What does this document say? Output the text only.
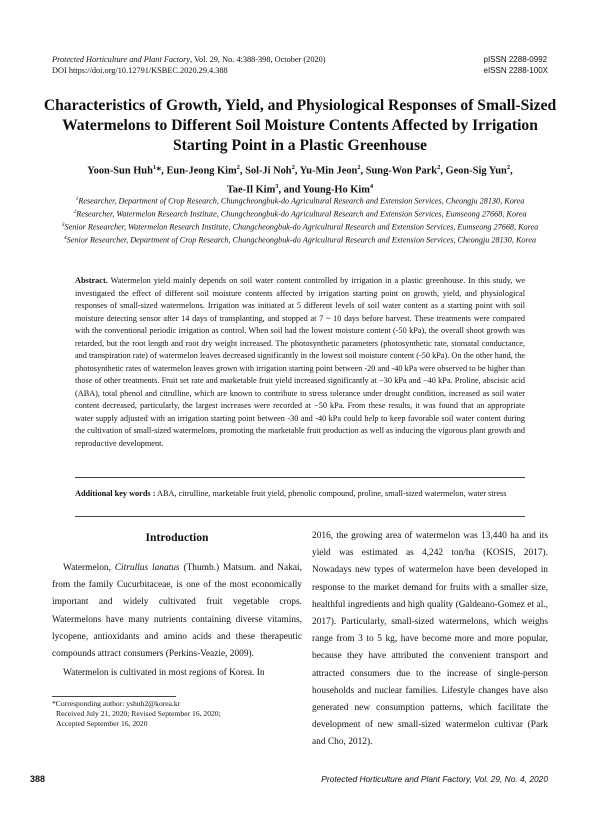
Protected Horticulture and Plant Factory, Vol. 29, No. 4:388-398, October (2020)
DOI https://doi.org/10.12791/KSBEC.2020.29.4.388
pISSN 2288-0992
eISSN 2288-100X
Characteristics of Growth, Yield, and Physiological Responses of Small-Sized Watermelons to Different Soil Moisture Contents Affected by Irrigation Starting Point in a Plastic Greenhouse
Yoon-Sun Huh$^1$*, Eun-Jeong Kim$^2$, Sol-Ji Noh$^2$, Yu-Min Jeon$^2$, Sung-Won Park$^2$, Geon-Sig Yun$^2$,
Tae-Il Kim$^3$, and Young-Ho Kim$^4$

$^1$Researcher, Department of Crop Research, Chungcheongbuk-do Agricultural Research and Extension Services, Cheongju 28130, Korea

$^2$Researcher, Watermelon Research Institute, Chungcheongbuk-do Agricultural Research and Extension Services, Eumseong 27668, Korea

$^3$Senior Researcher, Watermelon Research Institute, Chungcheongbuk-do Agricultural Research and Extension Services, Eumseong 27668, Korea

$^4$Senior Researcher, Department of Crop Research, Chungcheongbuk-do Agricultural Research and Extension Services, Cheongju 28130, Korea

Abstract. Watermelon yield mainly depends on soil water content controlled by irrigation in a plastic greenhouse. In this study, we investigated the effect of different soil moisture contents affected by irrigation starting point on growth, yield, and physiological responses of small-sized watermelons. Irrigation was initiated at 5 different levels of soil water content as a starting point with soil moisture detecting sensor after 14 days of transplanting, and stopped at 7 ~ 10 days before harvest. These treatments were compared with the conventional periodic irrigation as control. When soil had the lowest moisture content (-50 kPa), the overall shoot growth was retarded, but the root length and root dry weight increased. The photosynthetic parameters (photosynthetic rate, stomatal conductance, and transpiration rate) of watermelon leaves decreased significantly in the lowest soil moisture content (-50 kPa). On the other hand, the photosynthetic rates of watermelon leaves grown with irrigation starting point between -20 and -40 kPa were observed to be higher than those of other treatments. Fruit set rate and marketable fruit yield increased significantly at −30 kPa and −40 kPa. Proline, abscisic acid (ABA), total phenol and citrulline, which are known to contribute to stress tolerance under drought condition, increased as soil water content decreased, particularly, the largest increases were recorded at −50 kPa. From these results, it was found that an appropriate water supply adjusted with an irrigation starting point between -30 and -40 kPa could help to keep favorable soil water content during the cultivation of small-sized watermelons, promoting the marketable fruit production as well as inducing the vigorous plant growth and reproductive development.
Additional key words : ABA, citrulline, marketable fruit yield, phenolic compound, proline, small-sized watermelon, water stress
Introduction

Watermelon, Citrullus lanatus (Thumb.) Matsum. and Nakai, from the family Cucurbitaceae, is one of the most economically important and widely cultivated fruit vegetable crops. Watermelons have many nutrients containing diverse vitamins, lycopene, antioxidants and amino acids and these therapeutic compounds attract consumers (Perkins-Veazie, 2009).

Watermelon is cultivated in most regions of Korea. In

2016, the growing area of watermelon was 13,440 ha and its yield was estimated as 4,242 ton/ha (KOSIS, 2017). Nowadays new types of watermelon have been developed in response to the market demand for fruits with a smaller size, healthful ingredients and high quality (Galdeano-Gomez et al., 2017). Particularly, small-sized watermelons, which weighs range from 3 to 5 kg, have become more and more popular, because they have attributed the convenient transport and attracted consumers due to the increase of single-person households and nuclear families. Lifestyle changes have also generated new consumption patterns, which facilitate the development of new small-sized watermelon cultivar (Park and Cho, 2012).

*Corresponding author: yshuh2@korea.kr
Received July 21, 2020; Revised September 16, 2020;
Accepted September 16, 2020
388	Protected Horticulture and Plant Factory, Vol. 29, No. 4, 2020
